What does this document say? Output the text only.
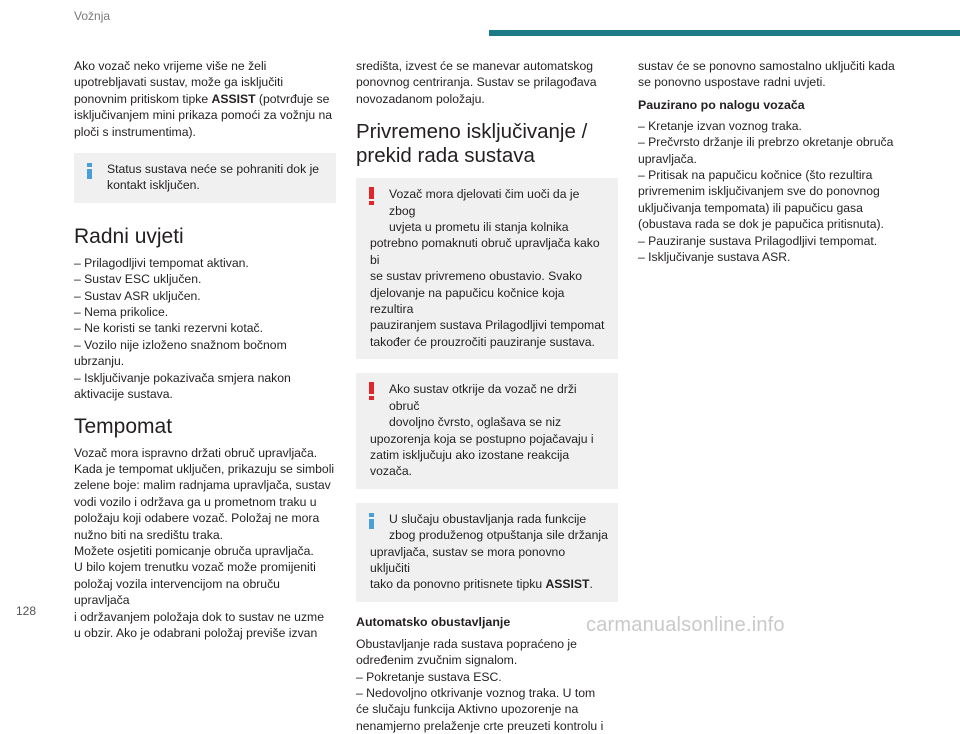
Vožnja

Ako vozač neko vrijeme više ne želi
upotrebljavati sustav, može ga isključiti
ponovnim pritiskom tipke ASSIST (potvrđuje se
isključivanjem mini prikaza pomoći za vožnju na
ploči s instrumentima).

Status sustava neće se pohraniti dok je
kontakt isključen.
Radni uvjeti

– Prilagodljivi tempomat aktivan.
– Sustav ESC uključen.
– Sustav ASR uključen.
– Nema prikolice.
– Ne koristi se tanki rezervni kotač.
– Vozilo nije izloženo snažnom bočnom
ubrzanju.
– Isključivanje pokazivača smjera nakon
aktivacije sustava.

Tempomat

Vozač mora ispravno držati obruč upravljača.
Kada je tempomat uključen, prikazuju se simboli
zelene boje: malim radnjama upravljača, sustav
vodi vozilo i održava ga u prometnom traku u
položaju koji odabere vozač. Položaj ne mora
nužno biti na središtu traka.
Možete osjetiti pomicanje obruča upravljača.
U bilo kojem trenutku vozač može promijeniti
položaj vozila intervencijom na obruču upravljača
i održavanjem položaja dok to sustav ne uzme
u obzir. Ako je odabrani položaj previše izvan

središta, izvest će se manevar automatskog
ponovnog centriranja. Sustav se prilagođava
novozadanom položaju.

Privremeno isključivanje /
prekid rada sustava
Vozač mora djelovati čim uoči da je zbog
uvjeta u prometu ili stanja kolnika
potrebno pomaknuti obruč upravljača kako bi
se sustav privremeno obustavio. Svako
djelovanje na papučicu kočnice koja rezultira
pauziranjem sustava Prilagodljivi tempomat
također će prouzročiti pauziranje sustava.
Ako sustav otkrije da vozač ne drži obruč
dovoljno čvrsto, oglašava se niz
upozorenja koja se postupno pojačavaju i
zatim isključuju ako izostane reakcija vozača.
U slučaju obustavljanja rada funkcije
zbog produženog otpuštanja sile držanja
upravljača, sustav se mora ponovno uključiti
tako da ponovno pritisnete tipku ASSIST.
Automatsko obustavljanje

Obustavljanje rada sustava popraćeno je
određenim zvučnim signalom.
– Pokretanje sustava ESC.
– Nedovoljno otkrivanje voznog traka. U tom
će slučaju funkcija Aktivno upozorenje na
nenamjerno prelaženje crte preuzeti kontrolu i

sustav će se ponovno samostalno uključiti kada
se ponovno uspostave radni uvjeti.

Pauzirano po nalogu vozača

– Kretanje izvan voznog traka.
– Prečvrsto držanje ili prebrzo okretanje obruča
upravljača.
– Pritisak na papučicu kočnice (što rezultira
privremenim isključivanjem sve do ponovnog
uključivanja tempomata) ili papučicu gasa
(obustava rada se dok je papučica pritisnuta).
– Pauziranje sustava Prilagodljivi tempomat.
– Isključivanje sustava ASR.

128
carmanualsonline.info
